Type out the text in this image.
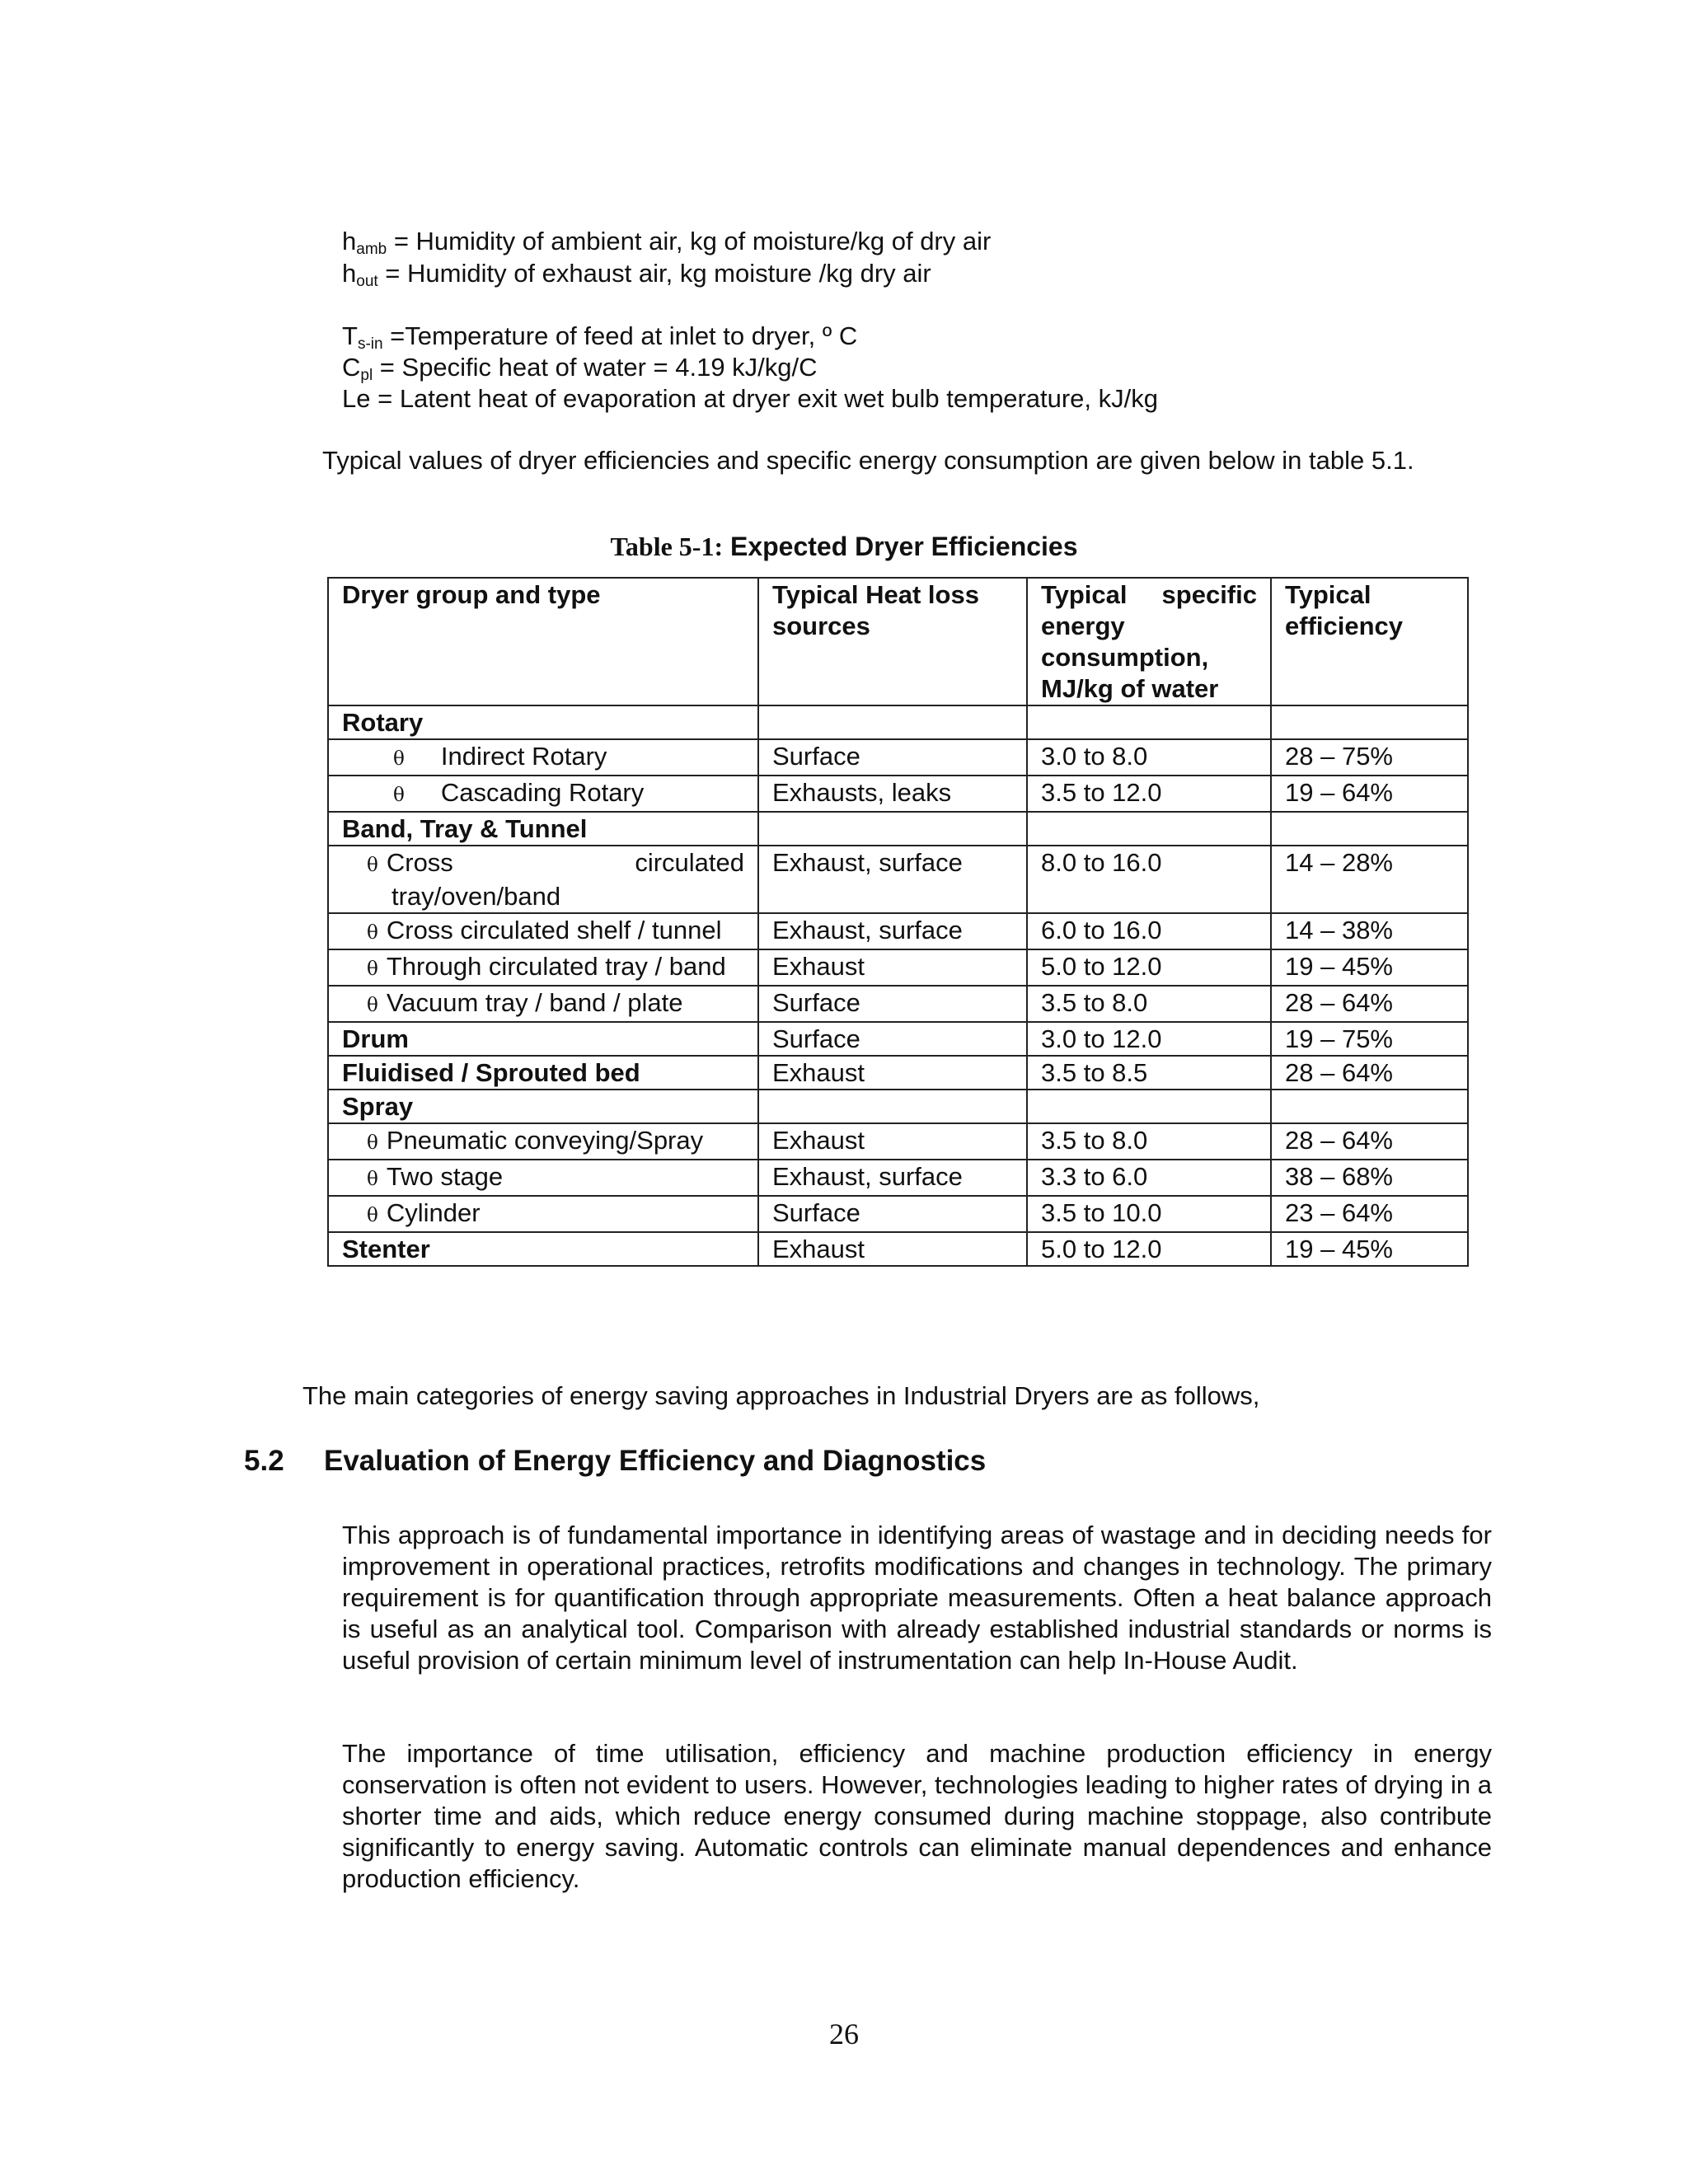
$h_{amb}$ = Humidity of ambient air, kg of moisture/kg of dry air
$h_{out}$ = Humidity of exhaust air, kg moisture /kg dry air
$T_{s-in}$ =Temperature of feed at inlet to dryer, º C
$C_{pl}$ = Specific heat of water = 4.19 kJ/kg/C
Le = Latent heat of evaporation at dryer exit wet bulb temperature, kJ/kg
Typical values of dryer efficiencies and specific energy consumption are given below in table 5.1.
Table 5-1: Expected Dryer Efficiencies
Dryer group and type	Typical Heat loss sources	Typical specific energy consumption, MJ/kg of water	Typical efficiency
Rotary			
θ Indirect Rotary	Surface	3.0 to 8.0	28 – 75%
θ Cascading Rotary	Exhausts, leaks	3.5 to 12.0	19 – 64%
Band, Tray & Tunnel			
θ Cross circulated tray/oven/band	Exhaust, surface	8.0 to 16.0	14 – 28%
θ Cross circulated shelf / tunnel	Exhaust, surface	6.0 to 16.0	14 – 38%
θ Through circulated tray / band	Exhaust	5.0 to 12.0	19 – 45%
θ Vacuum tray / band / plate	Surface	3.5 to 8.0	28 – 64%
Drum	Surface	3.0 to 12.0	19 – 75%
Fluidised / Sprouted bed	Exhaust	3.5 to 8.5	28 – 64%
Spray			
θ Pneumatic conveying/Spray	Exhaust	3.5 to 8.0	28 – 64%
θ Two stage	Exhaust, surface	3.3 to 6.0	38 – 68%
θ Cylinder	Surface	3.5 to 10.0	23 – 64%
Stenter	Exhaust	5.0 to 12.0	19 – 45%
The main categories of energy saving approaches in Industrial Dryers are as follows,
5.2 Evaluation of Energy Efficiency and Diagnostics
This approach is of fundamental importance in identifying areas of wastage and in deciding needs for improvement in operational practices, retrofits modifications and changes in technology. The primary requirement is for quantification through appropriate measurements. Often a heat balance approach is useful as an analytical tool. Comparison with already established industrial standards or norms is useful provision of certain minimum level of instrumentation can help In-House Audit.
The importance of time utilisation, efficiency and machine production efficiency in energy conservation is often not evident to users. However, technologies leading to higher rates of drying in a shorter time and aids, which reduce energy consumed during machine stoppage, also contribute significantly to energy saving. Automatic controls can eliminate manual dependences and enhance production efficiency.
26
